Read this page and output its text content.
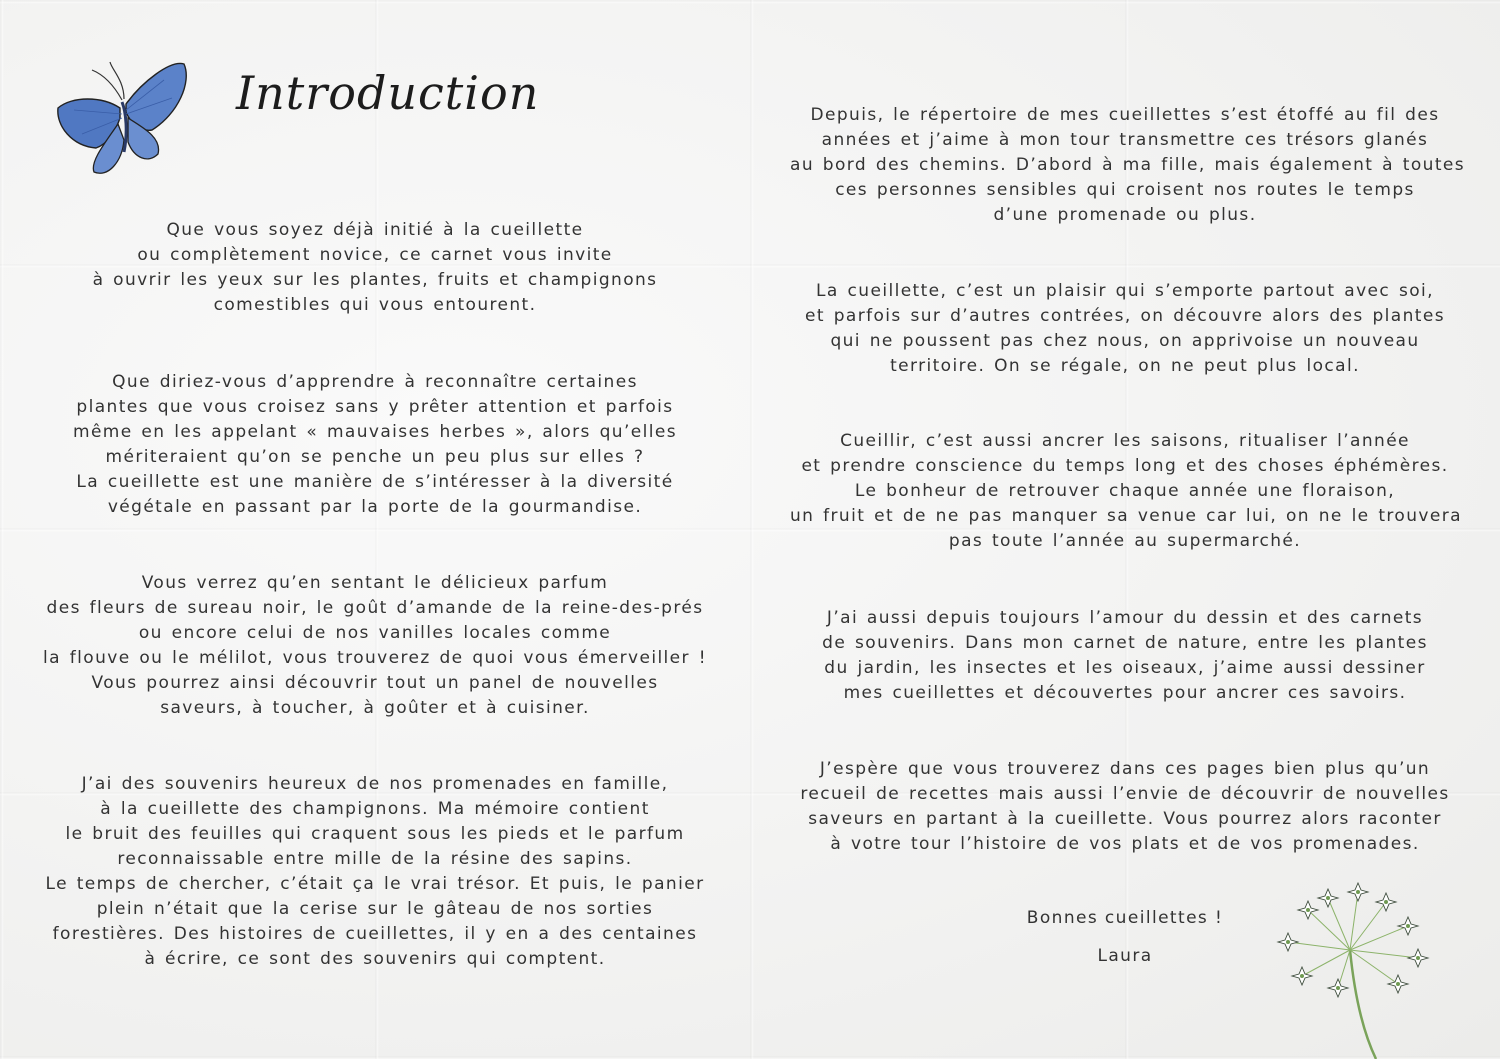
Introduction

Que vous soyez déjà initié à la cueillette
ou complètement novice, ce carnet vous invite
à ouvrir les yeux sur les plantes, fruits et champignons
comestibles qui vous entourent.

Que diriez-vous d’apprendre à reconnaître certaines
plantes que vous croisez sans y prêter attention et parfois
même en les appelant « mauvaises herbes », alors qu’elles
mériteraient qu’on se penche un peu plus sur elles ?
La cueillette est une manière de s’intéresser à la diversité
végétale en passant par la porte de la gourmandise.

Vous verrez qu’en sentant le délicieux parfum
des fleurs de sureau noir, le goût d’amande de la reine-des-prés
ou encore celui de nos vanilles locales comme
la flouve ou le mélilot, vous trouverez de quoi vous émerveiller !
Vous pourrez ainsi découvrir tout un panel de nouvelles
saveurs, à toucher, à goûter et à cuisiner.

J’ai des souvenirs heureux de nos promenades en famille,
à la cueillette des champignons. Ma mémoire contient
le bruit des feuilles qui craquent sous les pieds et le parfum
reconnaissable entre mille de la résine des sapins.
Le temps de chercher, c’était ça le vrai trésor. Et puis, le panier
plein n’était que la cerise sur le gâteau de nos sorties
forestières. Des histoires de cueillettes, il y en a des centaines
à écrire, ce sont des souvenirs qui comptent.

Depuis, le répertoire de mes cueillettes s’est étoffé au fil des
années et j’aime à mon tour transmettre ces trésors glanés
au bord des chemins. D’abord à ma fille, mais également à toutes
ces personnes sensibles qui croisent nos routes le temps
d’une promenade ou plus.

La cueillette, c’est un plaisir qui s’emporte partout avec soi,
et parfois sur d’autres contrées, on découvre alors des plantes
qui ne poussent pas chez nous, on apprivoise un nouveau
territoire. On se régale, on ne peut plus local.

Cueillir, c’est aussi ancrer les saisons, ritualiser l’année
et prendre conscience du temps long et des choses éphémères.
Le bonheur de retrouver chaque année une floraison,
un fruit et de ne pas manquer sa venue car lui, on ne le trouvera
pas toute l’année au supermarché.

J’ai aussi depuis toujours l’amour du dessin et des carnets
de souvenirs. Dans mon carnet de nature, entre les plantes
du jardin, les insectes et les oiseaux, j’aime aussi dessiner
mes cueillettes et découvertes pour ancrer ces savoirs.

J’espère que vous trouverez dans ces pages bien plus qu’un
recueil de recettes mais aussi l’envie de découvrir de nouvelles
saveurs en partant à la cueillette. Vous pourrez alors raconter
à votre tour l’histoire de vos plats et de vos promenades.

Bonnes cueillettes !

Laura
